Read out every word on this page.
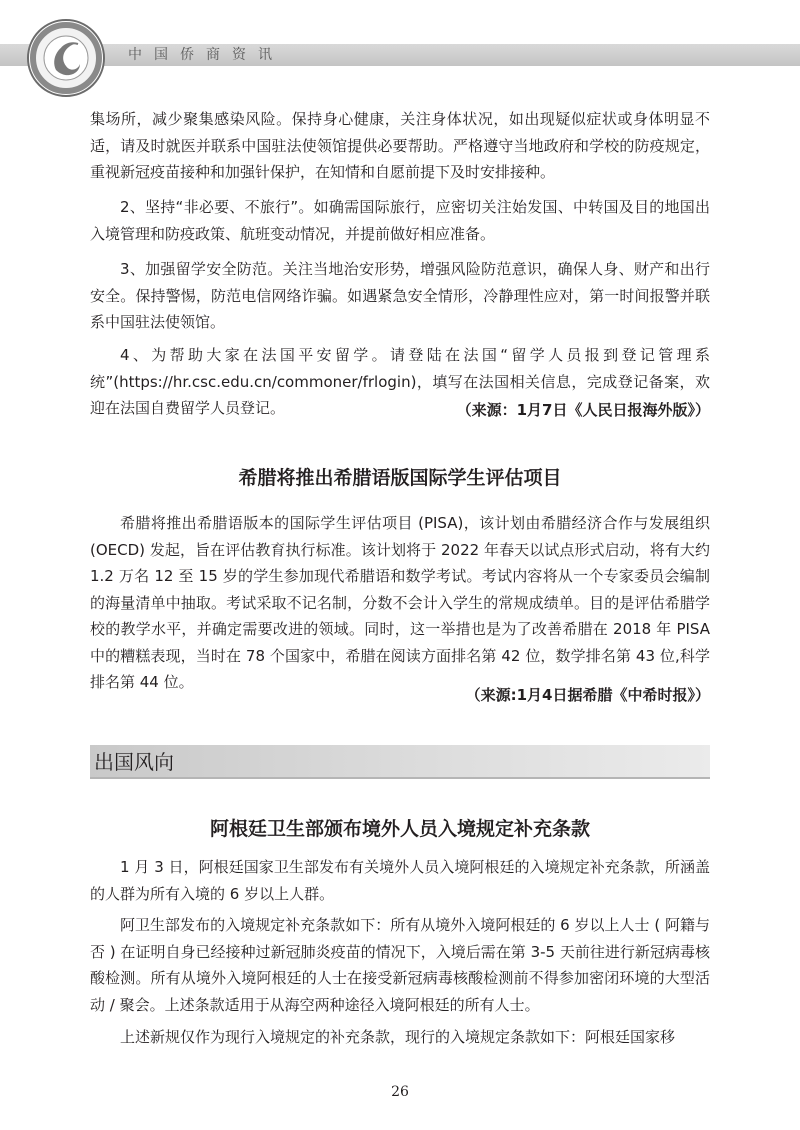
中国侨商资讯

集场所，减少聚集感染风险。保持身心健康，关注身体状况，如出现疑似症状或身体明显不适，请及时就医并联系中国驻法使领馆提供必要帮助。严格遵守当地政府和学校的防疫规定，重视新冠疫苗接种和加强针保护，在知情和自愿前提下及时安排接种。

2、坚持“非必要、不旅行”。如确需国际旅行，应密切关注始发国、中转国及目的地国出入境管理和防疫政策、航班变动情况，并提前做好相应准备。

3、加强留学安全防范。关注当地治安形势，增强风险防范意识，确保人身、财产和出行安全。保持警惕，防范电信网络诈骗。如遇紧急安全情形，冷静理性应对，第一时间报警并联系中国驻法使领馆。

4、为帮助大家在法国平安留学。请登陆在法国“留学人员报到登记管理系统”(https://hr.csc.edu.cn/commoner/frlogin)，填写在法国相关信息，完成登记备案，欢迎在法国自费留学人员登记。	（来源：1月7日《人民日报海外版》）
希腊将推出希腊语版国际学生评估项目

希腊将推出希腊语版本的国际学生评估项目 (PISA)，该计划由希腊经济合作与发展组织 (OECD) 发起，旨在评估教育执行标准。该计划将于 2022 年春天以试点形式启动，将有大约 1.2 万名 12 至 15 岁的学生参加现代希腊语和数学考试。考试内容将从一个专家委员会编制的海量清单中抽取。考试采取不记名制，分数不会计入学生的常规成绩单。目的是评估希腊学校的教学水平，并确定需要改进的领域。同时，这一举措也是为了改善希腊在 2018 年 PISA 中的糟糕表现，当时在 78 个国家中，希腊在阅读方面排名第 42 位，数学排名第 43 位,科学排名第 44 位。

（来源:1月4日据希腊《中希时报》）
出国风向
阿根廷卫生部颁布境外人员入境规定补充条款

1 月 3 日，阿根廷国家卫生部发布有关境外人员入境阿根廷的入境规定补充条款，所涵盖的人群为所有入境的 6 岁以上人群。

阿卫生部发布的入境规定补充条款如下：所有从境外入境阿根廷的 6 岁以上人士 ( 阿籍与否 ) 在证明自身已经接种过新冠肺炎疫苗的情况下，入境后需在第 3-5 天前往进行新冠病毒核酸检测。所有从境外入境阿根廷的人士在接受新冠病毒核酸检测前不得参加密闭环境的大型活动 / 聚会。上述条款适用于从海空两种途径入境阿根廷的所有人士。

上述新规仅作为现行入境规定的补充条款，现行的入境规定条款如下：阿根廷国家移

26
